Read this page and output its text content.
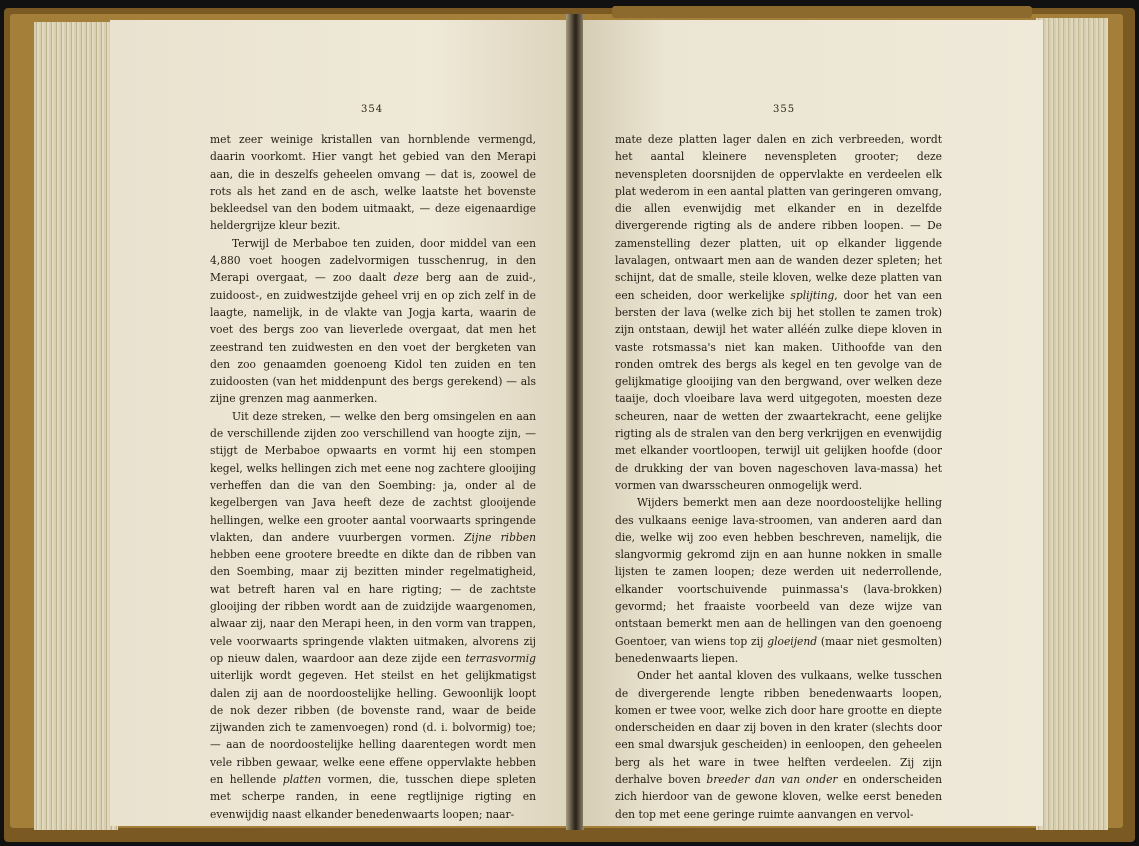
354

met zeer weinige kristallen van hornblende vermengd, daarin voorkomt. Hier vangt het gebied van den Merapi aan, die in deszelfs geheelen omvang — dat is, zoowel de rots als het zand en de asch, welke laatste het bovenste bekleedsel van den bodem uitmaakt, — deze eigenaardige heldergrijze kleur bezit.

Terwijl de Merbaboe ten zuiden, door middel van een 4,880 voet hoogen zadelvormigen tusschenrug, in den Merapi overgaat, — zoo daalt deze berg aan de zuid-, zuidoost-, en zuidwestzijde geheel vrij en op zich zelf in de laagte, namelijk, in de vlakte van Jogja karta, waarin de voet des bergs zoo van lieverlede overgaat, dat men het zeestrand ten zuidwesten en den voet der bergketen van den zoo genaamden goenoeng Kidol ten zuiden en ten zuidoosten (van het middenpunt des bergs gerekend) — als zijne grenzen mag aanmerken.

Uit deze streken, — welke den berg omsingelen en aan de verschillende zijden zoo verschillend van hoogte zijn, — stijgt de Merbaboe opwaarts en vormt hij een stompen kegel, welks hellingen zich met eene nog zachtere glooijing verheffen dan die van den Soembing: ja, onder al de kegelbergen van Java heeft deze de zachtst glooijende hellingen, welke een grooter aantal voorwaarts springende vlakten, dan andere vuurbergen vormen. Zijne ribben hebben eene grootere breedte en dikte dan de ribben van den Soembing, maar zij bezitten minder regelmatigheid, wat betreft haren val en hare rigting; — de zachtste glooijing der ribben wordt aan de zuidzijde waargenomen, alwaar zij, naar den Merapi heen, in den vorm van trappen, vele voorwaarts springende vlakten uitmaken, alvorens zij op nieuw dalen, waardoor aan deze zijde een terrasvormig uiterlijk wordt gegeven. Het steilst en het gelijkmatigst dalen zij aan de noordoostelijke helling. Gewoonlijk loopt de nok dezer ribben (de bovenste rand, waar de beide zijwanden zich te zamenvoegen) rond (d. i. bolvormig) toe; — aan de noordoostelijke helling daarentegen wordt men vele ribben gewaar, welke eene effene oppervlakte hebben en hellende platten vormen, die, tusschen diepe spleten met scherpe randen, in eene regtlijnige rigting en evenwijdig naast elkander benedenwaarts loopen; naar-

355

mate deze platten lager dalen en zich verbreeden, wordt het aantal kleinere nevenspleten grooter; deze nevenspleten doorsnijden de oppervlakte en verdeelen elk plat wederom in een aantal platten van geringeren omvang, die allen evenwijdig met elkander en in dezelfde divergerende rigting als de andere ribben loopen. — De zamenstelling dezer platten, uit op elkander liggende lavalagen, ontwaart men aan de wanden dezer spleten; het schijnt, dat de smalle, steile kloven, welke deze platten van een scheiden, door werkelijke splijting, door het van een bersten der lava (welke zich bij het stollen te zamen trok) zijn ontstaan, dewijl het water alléén zulke diepe kloven in vaste rotsmassa's niet kan maken. Uithoofde van den ronden omtrek des bergs als kegel en ten gevolge van de gelijkmatige glooijing van den bergwand, over welken deze taaije, doch vloeibare lava werd uitgegoten, moesten deze scheuren, naar de wetten der zwaartekracht, eene gelijke rigting als de stralen van den berg verkrijgen en evenwijdig met elkander voortloopen, terwijl uit gelijken hoofde (door de drukking der van boven nageschoven lava-massa) het vormen van dwarsscheuren onmogelijk werd.

Wijders bemerkt men aan deze noordoostelijke helling des vulkaans eenige lava-stroomen, van anderen aard dan die, welke wij zoo even hebben beschreven, namelijk, die slangvormig gekromd zijn en aan hunne nokken in smalle lijsten te zamen loopen; deze werden uit nederrollende, elkander voortschuivende puinmassa's (lava-brokken) gevormd; het fraaiste voorbeeld van deze wijze van ontstaan bemerkt men aan de hellingen van den goenoeng Goentoer, van wiens top zij gloeijend (maar niet gesmolten) benedenwaarts liepen.

Onder het aantal kloven des vulkaans, welke tusschen de divergerende lengte ribben benedenwaarts loopen, komen er twee voor, welke zich door hare grootte en diepte onderscheiden en daar zij boven in den krater (slechts door een smal dwarsjuk gescheiden) in eenloopen, den geheelen berg als het ware in twee helften verdeelen. Zij zijn derhalve boven breeder dan van onder en onderscheiden zich hierdoor van de gewone kloven, welke eerst beneden den top met eene geringe ruimte aanvangen en vervol-
